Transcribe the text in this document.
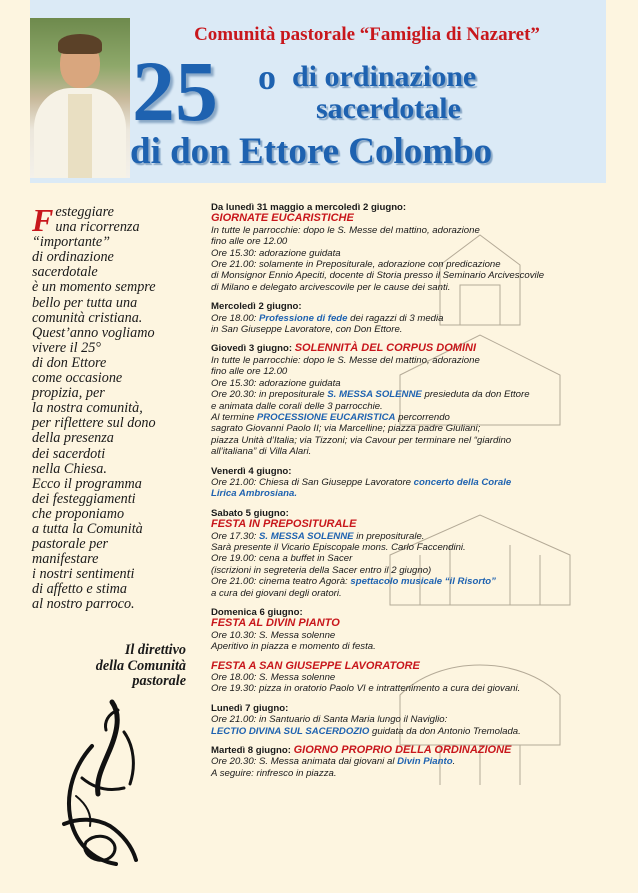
Comunità pastorale “Famiglia di Nazaret”
25 o di ordinazione
sacerdotale
di don Ettore Colombo
F esteggiare
una ricorrenza
“importante”
di ordinazione
sacerdotale
è un momento sempre
bello per tutta una
comunità cristiana.
Quest’anno vogliamo
vivere il 25°
di don Ettore
come occasione
propizia, per
la nostra comunità,
per riflettere sul dono
della presenza
dei sacerdoti
nella Chiesa.
Ecco il programma
dei festeggiamenti
che proponiamo
a tutta la Comunità
pastorale per
manifestare
i nostri sentimenti
di affetto e stima
al nostro parroco.
Il direttivo
della Comunità
pastorale
Da lunedì 31 maggio a mercoledì 2 giugno:
GIORNATE EUCARISTICHE
In tutte le parrocchie: dopo le S. Messe del mattino, adorazione
fino alle ore 12.00
Ore 15.30: adorazione guidata
Ore 21.00: solamente in Prepositurale, adorazione con predicazione
di Monsignor Ennio Apeciti, docente di Storia presso il Seminario Arcivescovile
di Milano e delegato arcivescovile per le cause dei santi.
Mercoledì 2 giugno:
Ore 18.00: Professione di fede dei ragazzi di 3 media
in San Giuseppe Lavoratore, con Don Ettore.
Giovedì 3 giugno: SOLENNITÀ DEL CORPUS DOMINI
In tutte le parrocchie: dopo le S. Messe del mattino, adorazione
fino alle ore 12.00
Ore 15.30: adorazione guidata
Ore 20.30: in prepositurale S. MESSA SOLENNE presieduta da don Ettore
e animata dalle corali delle 3 parrocchie.
Al termine PROCESSIONE EUCARISTICA percorrendo
sagrato Giovanni Paolo II; via Marcelline; piazza padre Giuliani;
piazza Unità d’Italia; via Tizzoni; via Cavour per terminare nel “giardino
all’italiana” di Villa Alari.
Venerdì 4 giugno:
Ore 21.00: Chiesa di San Giuseppe Lavoratore concerto della Corale
Lirica Ambrosiana.
Sabato 5 giugno:
FESTA IN PREPOSITURALE
Ore 17.30: S. MESSA SOLENNE in prepositurale.
Sarà presente il Vicario Episcopale mons. Carlo Faccendini.
Ore 19.00: cena a buffet in Sacer
(iscrizioni in segreteria della Sacer entro il 2 giugno)
Ore 21.00: cinema teatro Agorà: spettacolo musicale “il Risorto”
a cura dei giovani degli oratori.
Domenica 6 giugno:
FESTA AL DIVIN PIANTO
Ore 10.30: S. Messa solenne
Aperitivo in piazza e momento di festa.
FESTA A SAN GIUSEPPE LAVORATORE
Ore 18.00: S. Messa solenne
Ore 19.30: pizza in oratorio Paolo VI e intrattenimento a cura dei giovani.
Lunedì 7 giugno:
Ore 21.00: in Santuario di Santa Maria lungo il Naviglio:
LECTIO DIVINA SUL SACERDOZIO guidata da don Antonio Tremolada.
Martedì 8 giugno: GIORNO PROPRIO DELLA ORDINAZIONE
Ore 20.30: S. Messa animata dai giovani al Divin Pianto.
A seguire: rinfresco in piazza.
